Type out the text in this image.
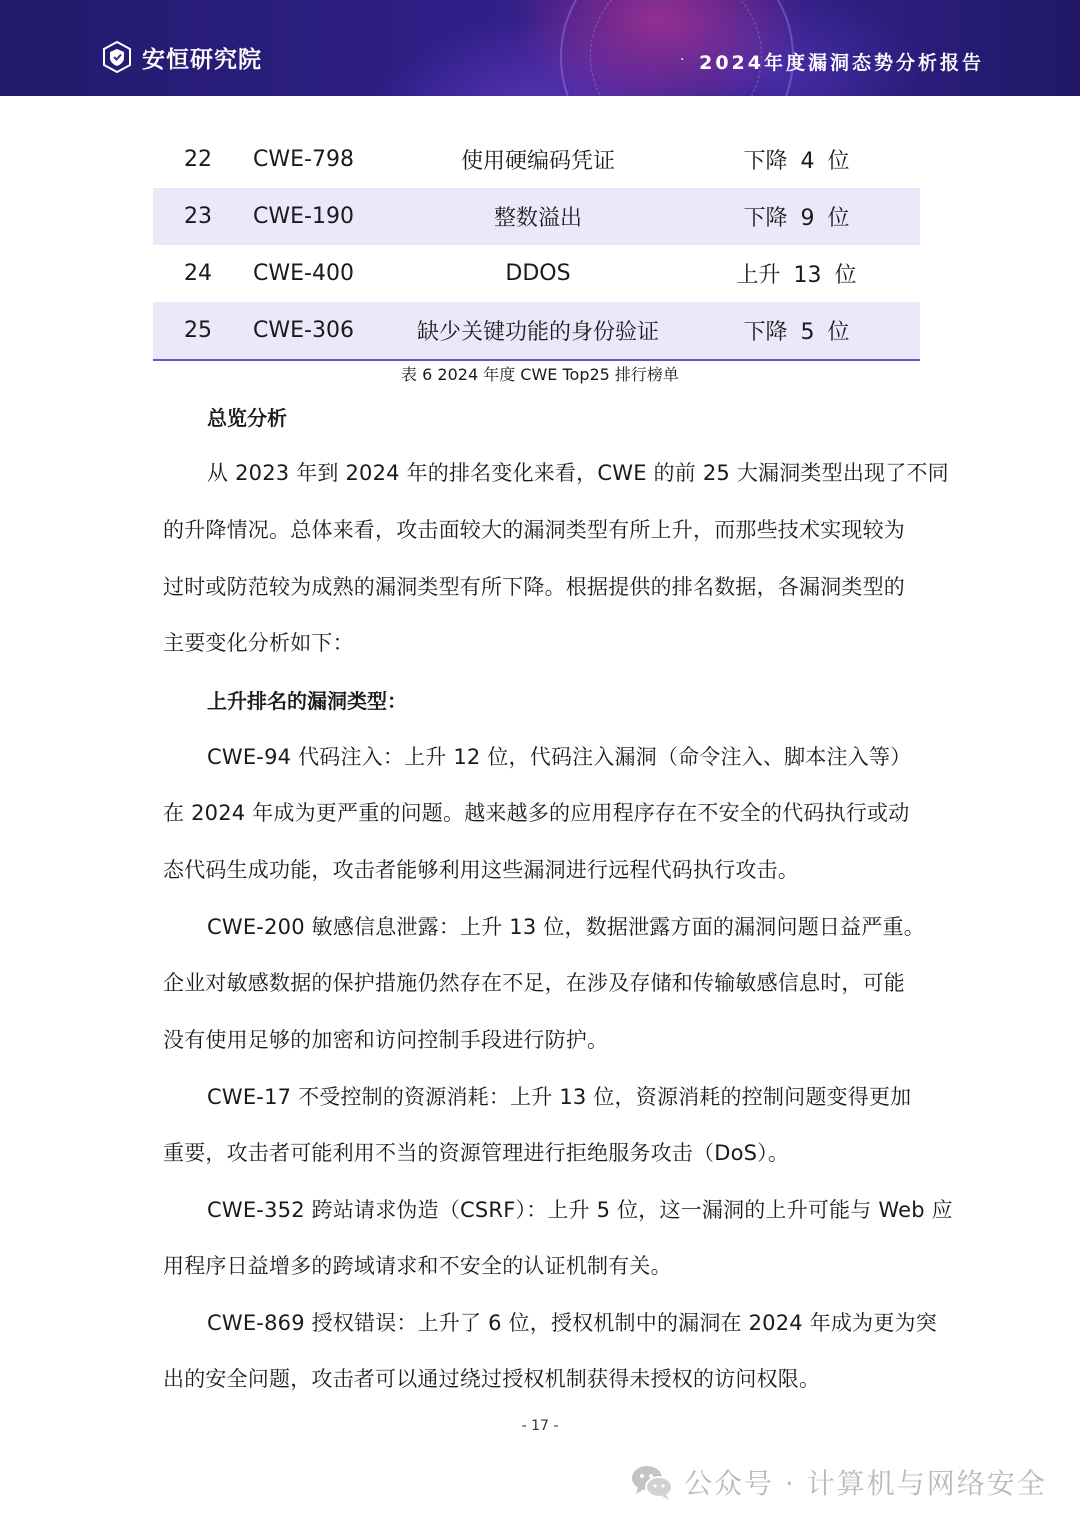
安恒研究院	· 2024年度漏洞态势分析报告
22	CWE-798	使用硬编码凭证	下降 4 位
23	CWE-190	整数溢出	下降 9 位
24	CWE-400	DDOS	上升 13 位
25	CWE-306	缺少关键功能的身份验证	下降 5 位
表 6 2024 年度 CWE Top25 排行榜单
总览分析
从 2023 年到 2024 年的排名变化来看，CWE 的前 25 大漏洞类型出现了不同
的升降情况。总体来看，攻击面较大的漏洞类型有所上升，而那些技术实现较为
过时或防范较为成熟的漏洞类型有所下降。根据提供的排名数据，各漏洞类型的
主要变化分析如下：
上升排名的漏洞类型：
CWE-94 代码注入：上升 12 位，代码注入漏洞（命令注入、脚本注入等）
在 2024 年成为更严重的问题。越来越多的应用程序存在不安全的代码执行或动
态代码生成功能，攻击者能够利用这些漏洞进行远程代码执行攻击。
CWE-200 敏感信息泄露：上升 13 位，数据泄露方面的漏洞问题日益严重。
企业对敏感数据的保护措施仍然存在不足，在涉及存储和传输敏感信息时，可能
没有使用足够的加密和访问控制手段进行防护。
CWE-17 不受控制的资源消耗：上升 13 位，资源消耗的控制问题变得更加
重要，攻击者可能利用不当的资源管理进行拒绝服务攻击（DoS）。
CWE-352 跨站请求伪造（CSRF）：上升 5 位，这一漏洞的上升可能与 Web 应
用程序日益增多的跨域请求和不安全的认证机制有关。
CWE-869 授权错误：上升了 6 位，授权机制中的漏洞在 2024 年成为更为突
出的安全问题，攻击者可以通过绕过授权机制获得未授权的访问权限。
- 17 -
公众号 · 计算机与网络安全
